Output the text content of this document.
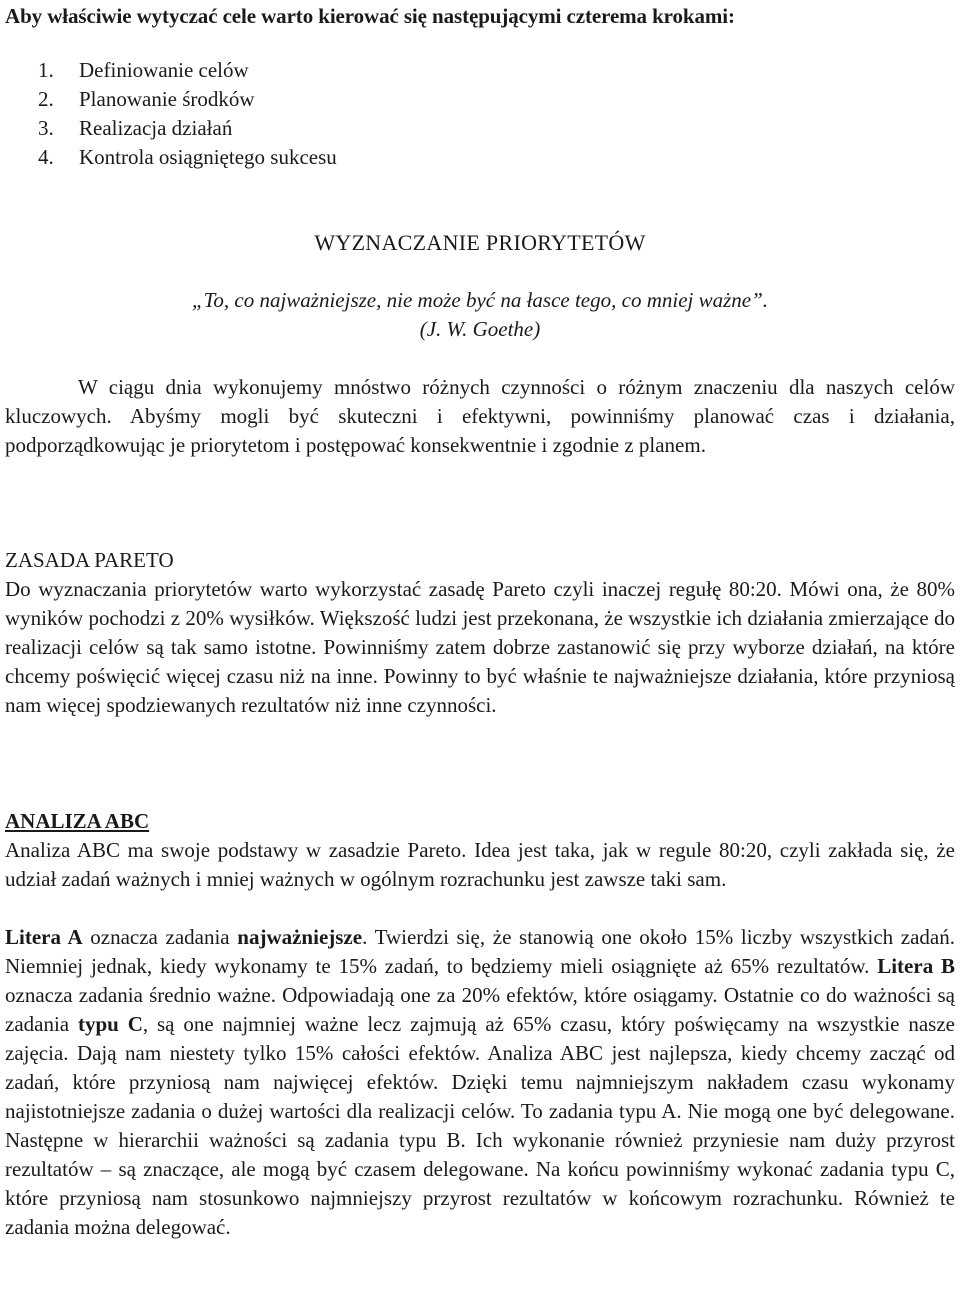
Aby właściwie wytyczać cele warto kierować się następującymi czterema krokami:
1.	Definiowanie celów
2.	Planowanie środków
3.	Realizacja działań
4.	Kontrola osiągniętego sukcesu
WYZNACZANIE PRIORYTETÓW
„To, co najważniejsze, nie może być na łasce tego, co mniej ważne”.
(J. W. Goethe)

W ciągu dnia wykonujemy mnóstwo różnych czynności o różnym znaczeniu dla naszych celów kluczowych. Abyśmy mogli być skuteczni i efektywni, powinniśmy planować czas i działania, podporządkowując je priorytetom i postępować konsekwentnie i zgodnie z planem.

ZASADA PARETO

Do wyznaczania priorytetów warto wykorzystać zasadę Pareto czyli inaczej regułę 80:20. Mówi ona, że 80% wyników pochodzi z 20% wysiłków. Większość ludzi jest przekonana, że wszystkie ich działania zmierzające do realizacji celów są tak samo istotne. Powinniśmy zatem dobrze zastanowić się przy wyborze działań, na które chcemy poświęcić więcej czasu niż na inne. Powinny to być właśnie te najważniejsze działania, które przyniosą nam więcej spodziewanych rezultatów niż inne czynności.

ANALIZA ABC

Analiza ABC ma swoje podstawy w zasadzie Pareto. Idea jest taka, jak w regule 80:20, czyli zakłada się, że udział zadań ważnych i mniej ważnych w ogólnym rozrachunku jest zawsze taki sam.

Litera A oznacza zadania najważniejsze. Twierdzi się, że stanowią one około 15% liczby wszystkich zadań. Niemniej jednak, kiedy wykonamy te 15% zadań, to będziemy mieli osiągnięte aż 65% rezultatów. Litera B oznacza zadania średnio ważne. Odpowiadają one za 20% efektów, które osiągamy. Ostatnie co do ważności są zadania typu C, są one najmniej ważne lecz zajmują aż 65% czasu, który poświęcamy na wszystkie nasze zajęcia. Dają nam niestety tylko 15% całości efektów. Analiza ABC jest najlepsza, kiedy chcemy zacząć od zadań, które przyniosą nam najwięcej efektów. Dzięki temu najmniejszym nakładem czasu wykonamy najistotniejsze zadania o dużej wartości dla realizacji celów. To zadania typu A. Nie mogą one być delegowane. Następne w hierarchii ważności są zadania typu B. Ich wykonanie również przyniesie nam duży przyrost rezultatów – są znaczące, ale mogą być czasem delegowane. Na końcu powinniśmy wykonać zadania typu C, które przyniosą nam stosunkowo najmniejszy przyrost rezultatów w końcowym rozrachunku. Również te zadania można delegować.
